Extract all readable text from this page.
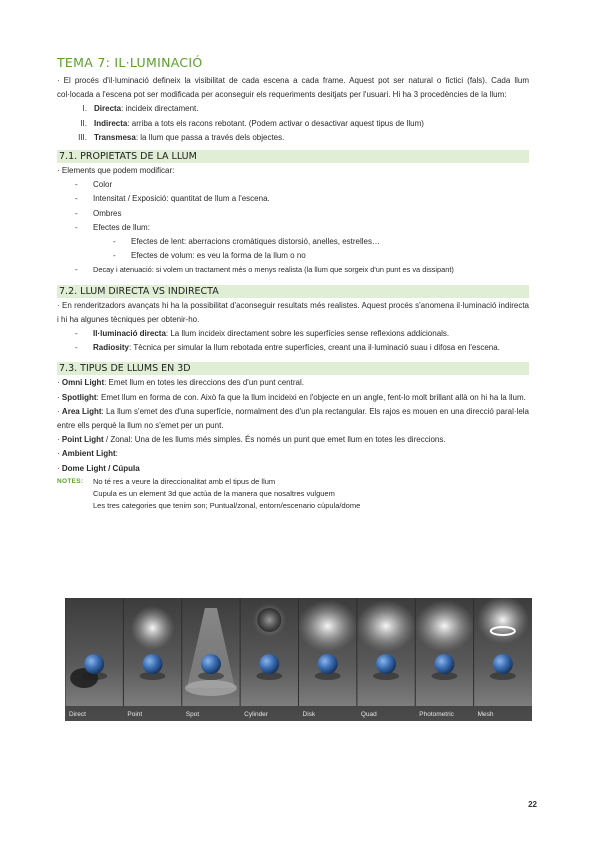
TEMA 7: IL·LUMINACIÓ

· El procés d'il·luminació defineix la visibilitat de cada escena a cada frame. Aquest pot ser natural o fictici (fals). Cada llum col·locada a l'escena pot ser modificada per aconseguir els requeriments desitjats per l'usuari. Hi ha 3 procedències de la llum:

I. Directa: incideix directament.
II. Indirecta: arriba a tots els racons rebotant. (Podem activar o desactivar aquest tipus de llum)
III. Transmesa: la llum que passa a través dels objectes.
7.1. PROPIETATS DE LA LLUM

· Elements que podem modificar:

- Color
- Intensitat / Exposició: quantitat de llum a l'escena.
- Ombres
- Efectes de llum:
- Efectes de lent: aberracions cromàtiques distorsió, anelles, estrelles…
- Efectes de volum: es veu la forma de la llum o no
- Decay i atenuació: si volem un tractament més o menys realista (la llum que sorgeix d'un punt es va dissipant)
7.2. LLUM DIRECTA VS INDIRECTA

· En renderitzadors avançats hi ha la possibilitat d'aconseguir resultats més realistes. Aquest procés s'anomena il·luminació indirecta i hi ha algunes tècniques per obtenir-ho.

- Il·luminació directa: La llum incideix directament sobre les superfícies sense reflexions addicionals.
- Radiosity: Tècnica per simular la llum rebotada entre superfícies, creant una il·luminació suau i difosa en l'escena.
7.3. TIPUS DE LLUMS EN 3D

· Omni Light: Emet llum en totes les direccions des d'un punt central.

· Spotlight: Emet llum en forma de con. Això fa que la llum incideixi en l'objecte en un angle, fent-lo molt brillant allà on hi ha la llum.

· Area Light: La llum s'emet des d'una superfície, normalment des d'un pla rectangular. Els rajos es mouen en una direcció paral·lela entre ells perquè la llum no s'emet per un punt.

· Point Light / Zonal: Una de les llums més simples. És només un punt que emet llum en totes les direccions.

· Ambient Light:

· Dome Light / Cúpula

NOTES: No té res a veure la direccionalitat amb el tipus de llum
Cupula es un element 3d que actúa de la manera que nosaltres vulguem
Les tres categories que tenim son; Puntual/zonal, entorn/escenario cúpula/dome
Direct	Point	Spot	Cylinder	Disk	Quad	Photometric	Mesh
22
